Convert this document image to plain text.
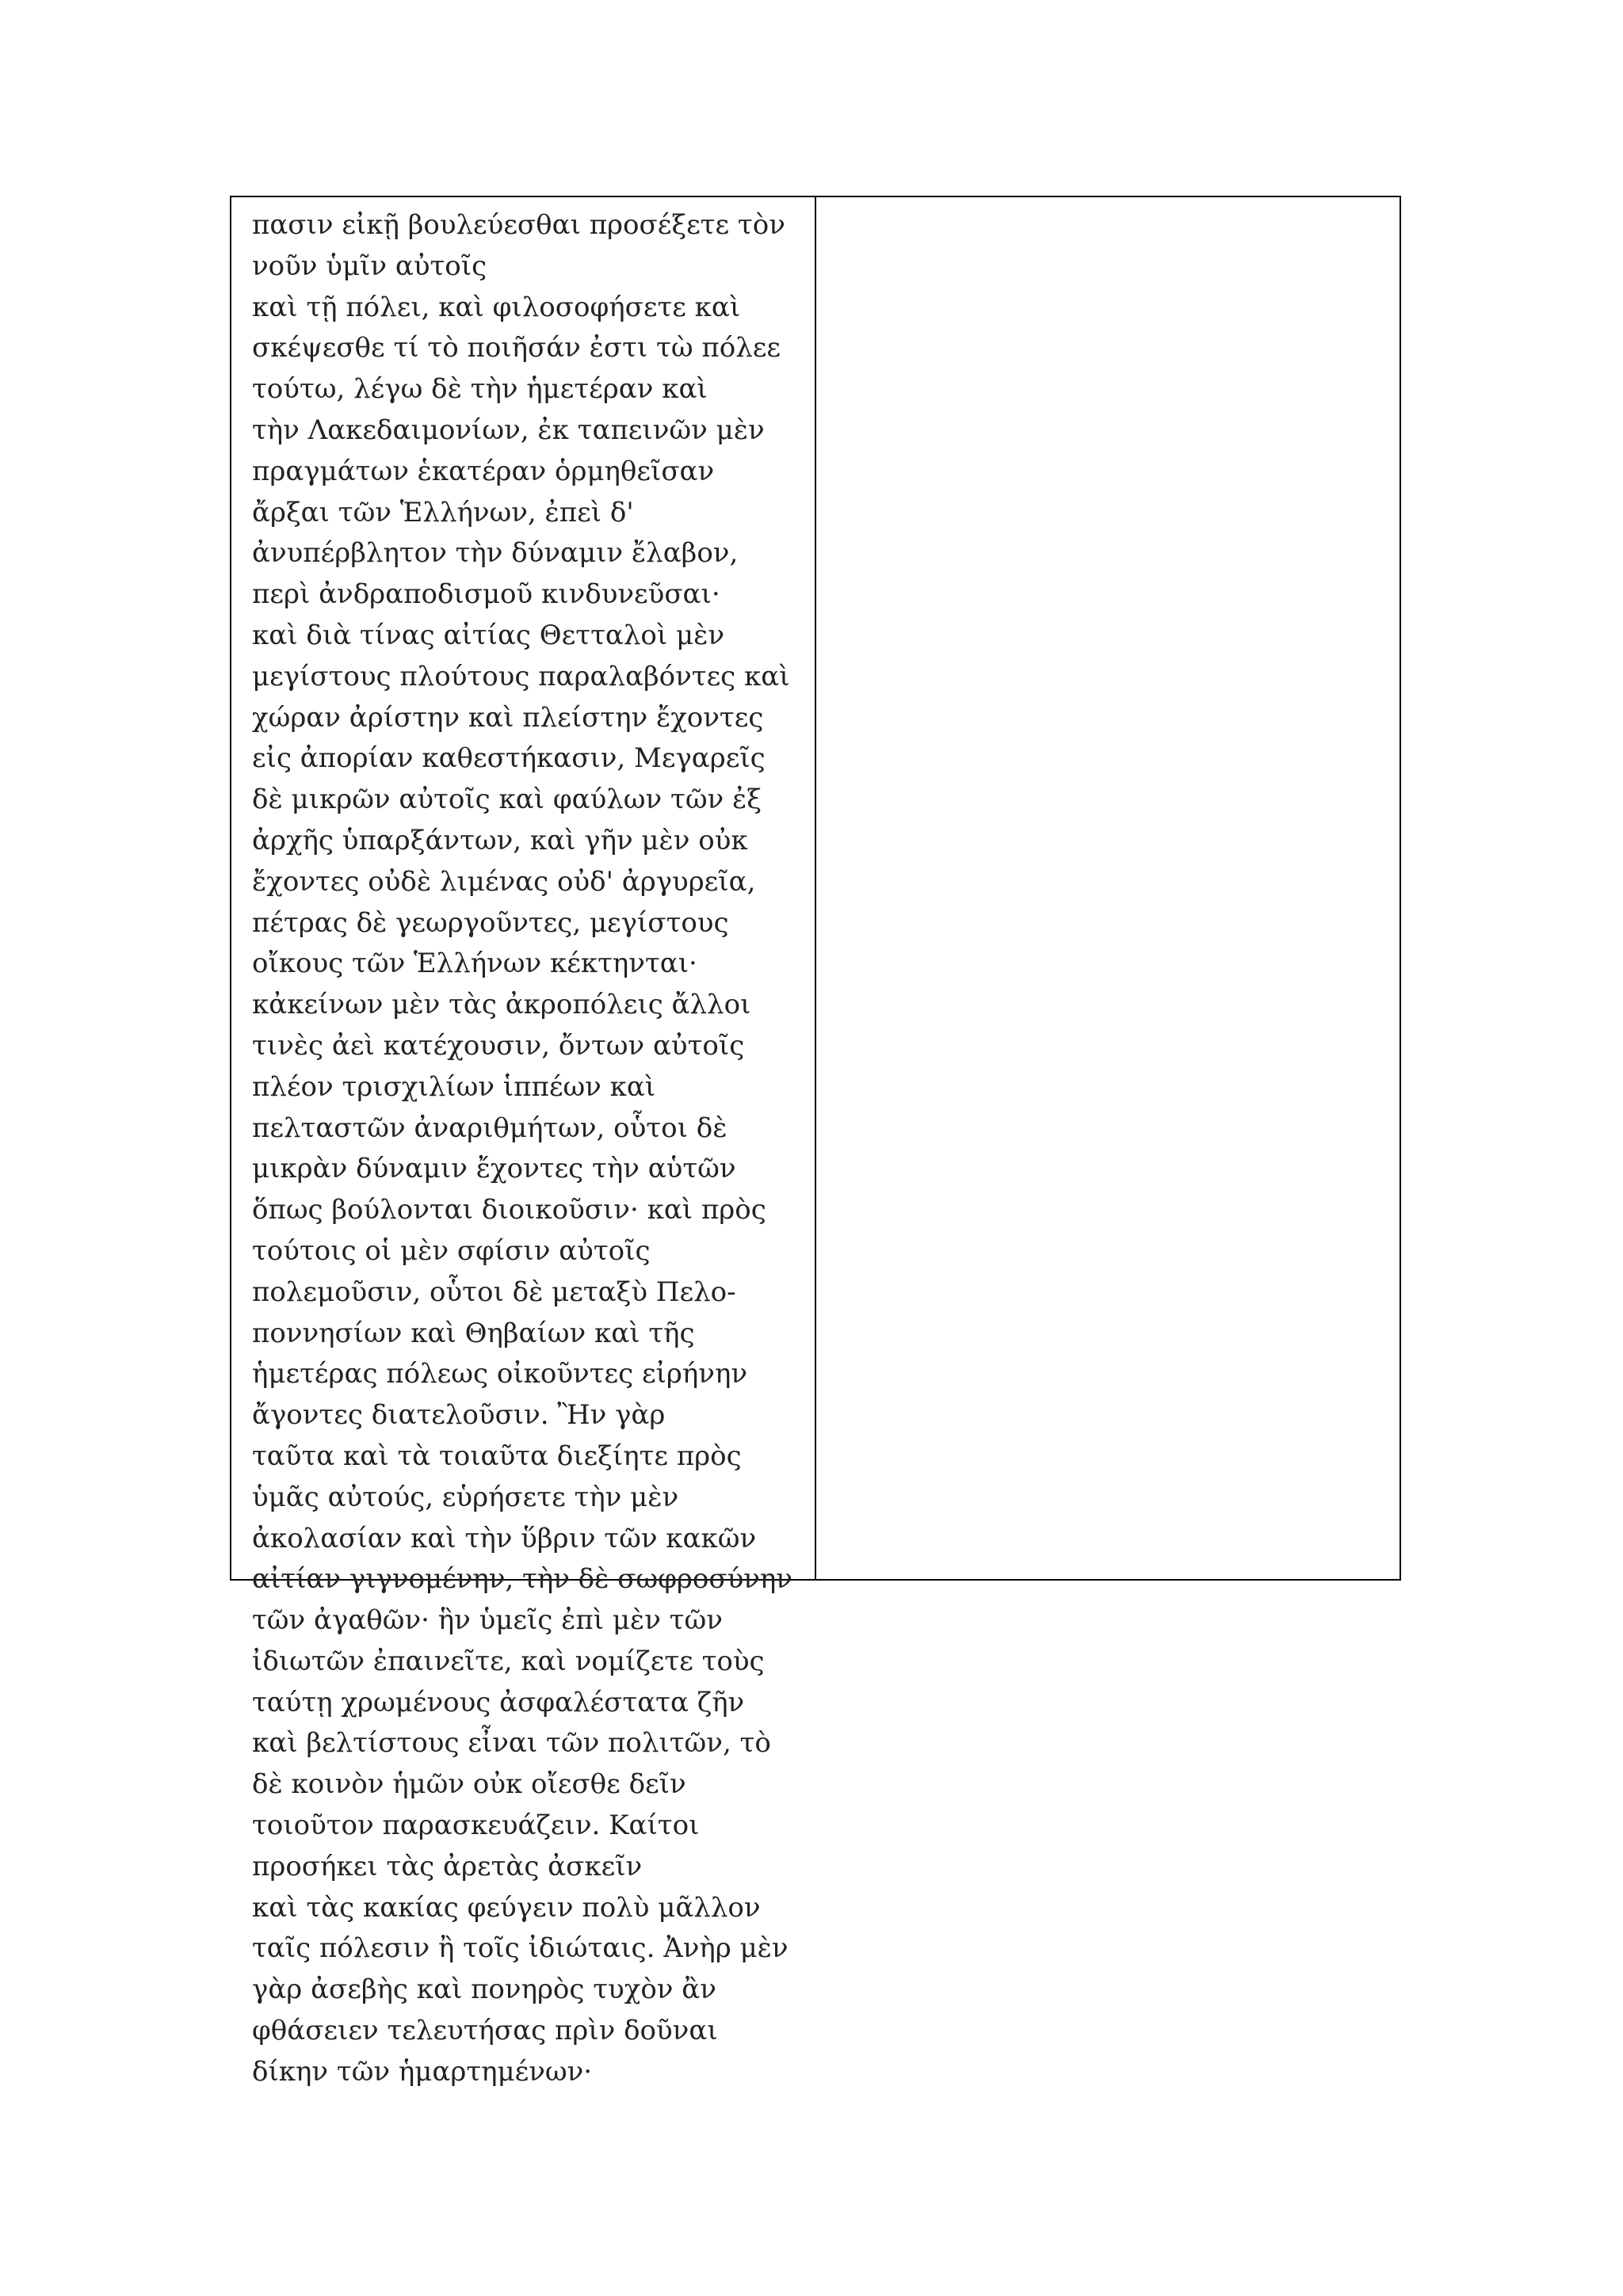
πασιν εἰκῇ βουλεύεσθαι προσέξετε τὸν
νοῦν ὑμῖν αὐτοῖς
καὶ τῇ πόλει, καὶ φιλοσοφήσετε καὶ
σκέψεσθε τί τὸ ποιῆσάν ἐστι τὼ πόλεε
τούτω, λέγω δὲ τὴν ἡμετέραν καὶ
τὴν Λακεδαιμονίων, ἐκ ταπεινῶν μὲν
πραγμάτων ἑκατέραν ὁρμηθεῖσαν
ἄρξαι τῶν Ἑλλήνων, ἐπεὶ δ'
ἀνυπέρβλητον τὴν δύναμιν ἔλαβον,
περὶ ἀνδραποδισμοῦ κινδυνεῦσαι·
καὶ διὰ τίνας αἰτίας Θετταλοὶ μὲν
μεγίστους πλούτους παραλαβόντες καὶ
χώραν ἀρίστην καὶ πλείστην ἔχοντες
εἰς ἀπορίαν καθεστήκασιν, Μεγαρεῖς
δὲ μικρῶν αὐτοῖς καὶ φαύλων τῶν ἐξ
ἀρχῆς ὑπαρξάντων, καὶ γῆν μὲν οὐκ
ἔχοντες οὐδὲ λιμένας οὐδ' ἀργυρεῖα,
πέτρας δὲ γεωργοῦντες, μεγίστους
οἴκους τῶν Ἑλλήνων κέκτηνται·
κἀκείνων μὲν τὰς ἀκροπόλεις ἄλλοι
τινὲς ἀεὶ κατέχουσιν, ὄντων αὐτοῖς
πλέον τρισχιλίων ἱππέων καὶ
πελταστῶν ἀναριθμήτων, οὗτοι δὲ
μικρὰν δύναμιν ἔχοντες τὴν αὑτῶν
ὅπως βούλονται διοικοῦσιν· καὶ πρὸς
τούτοις οἱ μὲν σφίσιν αὐτοῖς
πολεμοῦσιν, οὗτοι δὲ μεταξὺ Πελο-
ποννησίων καὶ Θηβαίων καὶ τῆς
ἡμετέρας πόλεως οἰκοῦντες εἰρήνην
ἄγοντες διατελοῦσιν. Ἢν γὰρ
ταῦτα καὶ τὰ τοιαῦτα διεξίητε πρὸς
ὑμᾶς αὐτούς, εὑρήσετε τὴν μὲν
ἀκολασίαν καὶ τὴν ὕβριν τῶν κακῶν
αἰτίαν γιγνομένην, τὴν δὲ σωφροσύνην
τῶν ἀγαθῶν· ἣν ὑμεῖς ἐπὶ μὲν τῶν
ἰδιωτῶν ἐπαινεῖτε, καὶ νομίζετε τοὺς
ταύτῃ χρωμένους ἀσφαλέστατα ζῆν
καὶ βελτίστους εἶναι τῶν πολιτῶν, τὸ
δὲ κοινὸν ἡμῶν οὐκ οἴεσθε δεῖν
τοιοῦτον παρασκευάζειν. Καίτοι
προσήκει τὰς ἀρετὰς ἀσκεῖν
καὶ τὰς κακίας φεύγειν πολὺ μᾶλλον
ταῖς πόλεσιν ἢ τοῖς ἰδιώταις. Ἀνὴρ μὲν
γὰρ ἀσεβὴς καὶ πονηρὸς τυχὸν ἂν
φθάσειεν τελευτήσας πρὶν δοῦναι
δίκην τῶν ἡμαρτημένων·
